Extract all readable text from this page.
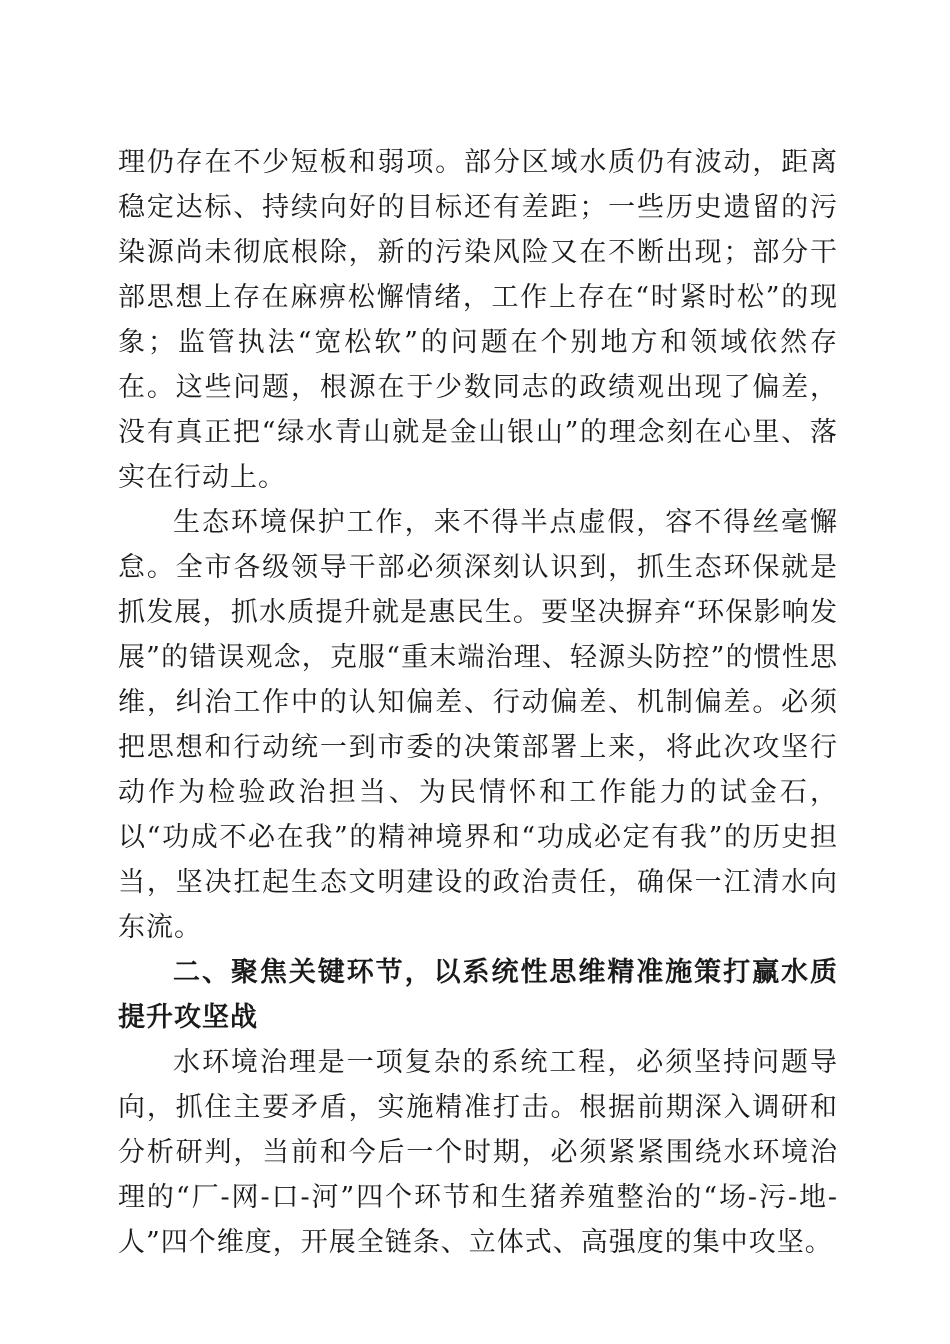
理仍存在不少短板和弱项。部分区域水质仍有波动，距离稳定达标、持续向好的目标还有差距；一些历史遗留的污染源尚未彻底根除，新的污染风险又在不断出现；部分干部思想上存在麻痹松懈情绪，工作上存在“时紧时松”的现象；监管执法“宽松软”的问题在个别地方和领域依然存在。这些问题，根源在于少数同志的政绩观出现了偏差，没有真正把“绿水青山就是金山银山”的理念刻在心里、落实在行动上。

生态环境保护工作，来不得半点虚假，容不得丝毫懈怠。全市各级领导干部必须深刻认识到，抓生态环保就是抓发展，抓水质提升就是惠民生。要坚决摒弃“环保影响发展”的错误观念，克服“重末端治理、轻源头防控”的惯性思维，纠治工作中的认知偏差、行动偏差、机制偏差。必须把思想和行动统一到市委的决策部署上来，将此次攻坚行动作为检验政治担当、为民情怀和工作能力的试金石，以“功成不必在我”的精神境界和“功成必定有我”的历史担当，坚决扛起生态文明建设的政治责任，确保一江清水向东流。

二、聚焦关键环节，以系统性思维精准施策打赢水质提升攻坚战

水环境治理是一项复杂的系统工程，必须坚持问题导向，抓住主要矛盾，实施精准打击。根据前期深入调研和分析研判，当前和今后一个时期，必须紧紧围绕水环境治理的“厂-网-口-河”四个环节和生猪养殖整治的“场-污-地-人”四个维度，开展全链条、立体式、高强度的集中攻坚。
